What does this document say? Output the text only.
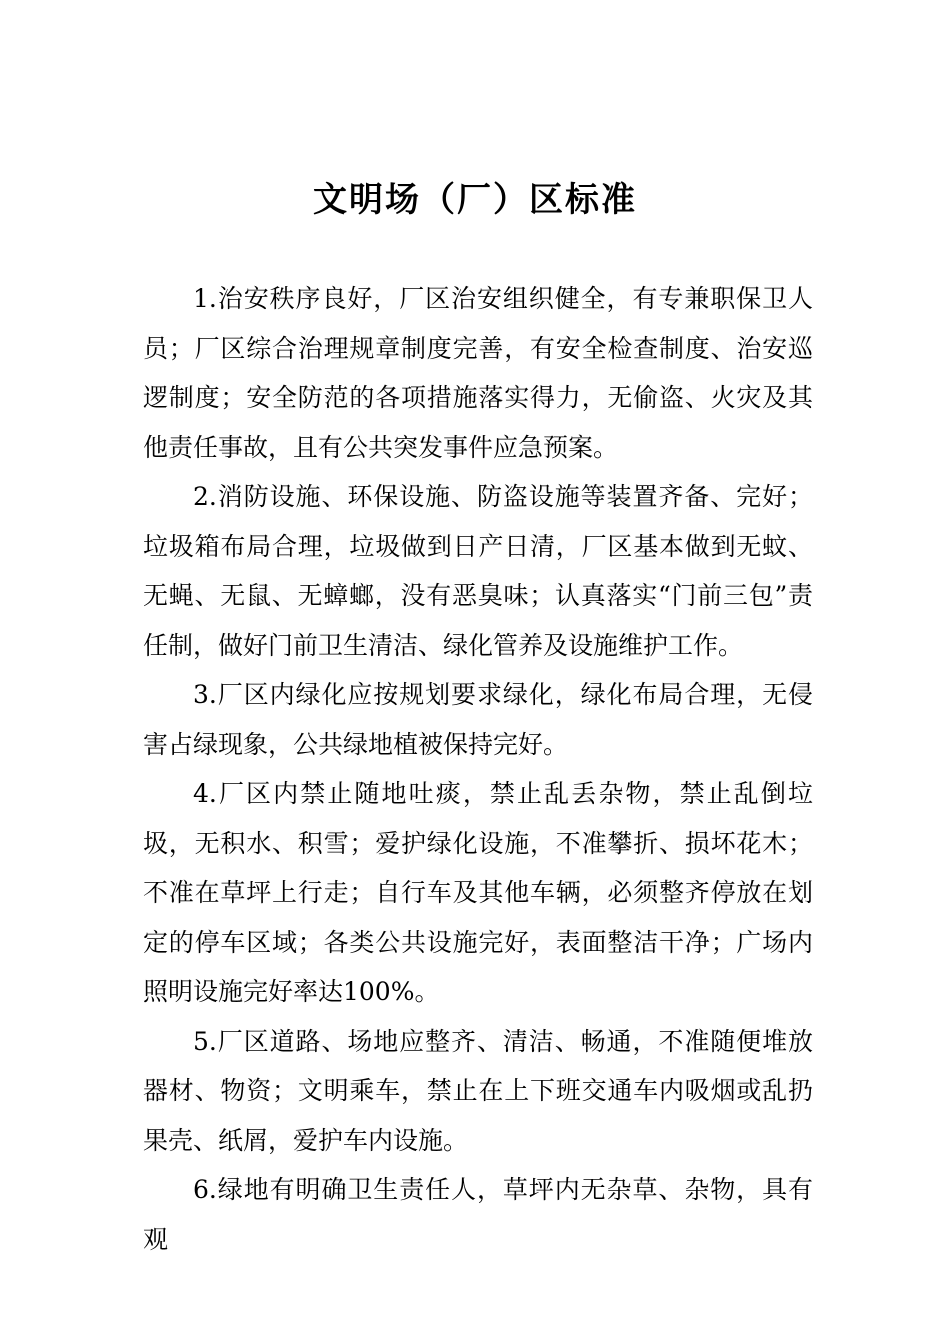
文明场（厂）区标准

1.治安秩序良好，厂区治安组织健全，有专兼职保卫人员；厂区综合治理规章制度完善，有安全检查制度、治安巡逻制度；安全防范的各项措施落实得力，无偷盗、火灾及其他责任事故，且有公共突发事件应急预案。

2.消防设施、环保设施、防盗设施等装置齐备、完好；垃圾箱布局合理，垃圾做到日产日清，厂区基本做到无蚊、无蝇、无鼠、无蟑螂，没有恶臭味；认真落实“门前三包”责任制，做好门前卫生清洁、绿化管养及设施维护工作。

3.厂区内绿化应按规划要求绿化，绿化布局合理，无侵害占绿现象，公共绿地植被保持完好。

4.厂区内禁止随地吐痰，禁止乱丢杂物，禁止乱倒垃圾，无积水、积雪；爱护绿化设施，不准攀折、损坏花木；不准在草坪上行走；自行车及其他车辆，必须整齐停放在划定的停车区域；各类公共设施完好，表面整洁干净；广场内照明设施完好率达100%。

5.厂区道路、场地应整齐、清洁、畅通，不准随便堆放器材、物资；文明乘车，禁止在上下班交通车内吸烟或乱扔果壳、纸屑，爱护车内设施。

6.绿地有明确卫生责任人，草坪内无杂草、杂物，具有观
